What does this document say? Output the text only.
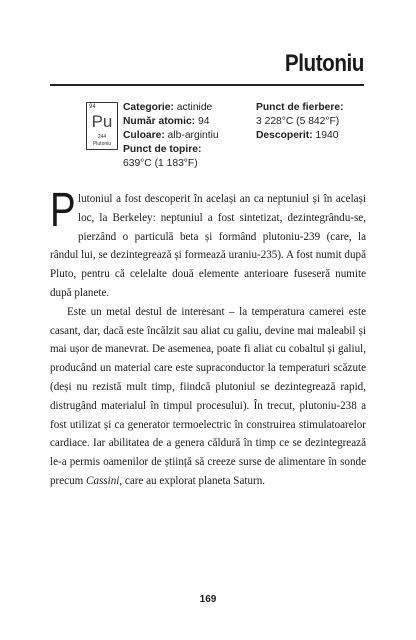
Plutoniu
94
Pu
244
Plutoniu
Categorie: actinide
Număr atomic: 94
Culoare: alb-argintiu
Punct de topire:
639°C (1 183°F)
Punct de fierbere:
3 228°C (5 842°F)
Descoperit: 1940

Plutoniul a fost descoperit în același an ca neptuniul și în același loc, la Berkeley: neptuniul a fost sintetizat, dezintegrându-se, pierzând o particulă beta și formând plutoniu-239 (care, la rândul lui, se dezintegrează și formează uraniu-235). A fost numit după Pluto, pentru că celelalte două elemente anterioare fuseseră numite după planete.

Este un metal destul de interesant – la temperatura camerei este casant, dar, dacă este încălzit sau aliat cu galiu, devine mai maleabil și mai ușor de manevrat. De asemenea, poate fi aliat cu cobaltul și galiul, producând un material care este supraconductor la temperaturi scăzute (deși nu rezistă mult timp, fiindcă plutoniul se dezintegrează rapid, distrugând materialul în timpul procesului). În trecut, plutoniu-238 a fost utilizat și ca generator termoelectric în construirea stimulatoarelor cardiace. Iar abilitatea de a genera căldură în timp ce se dezintegrează le-a permis oamenilor de știință să creeze surse de alimentare în sonde precum Cassini, care au explorat planeta Saturn.

169
